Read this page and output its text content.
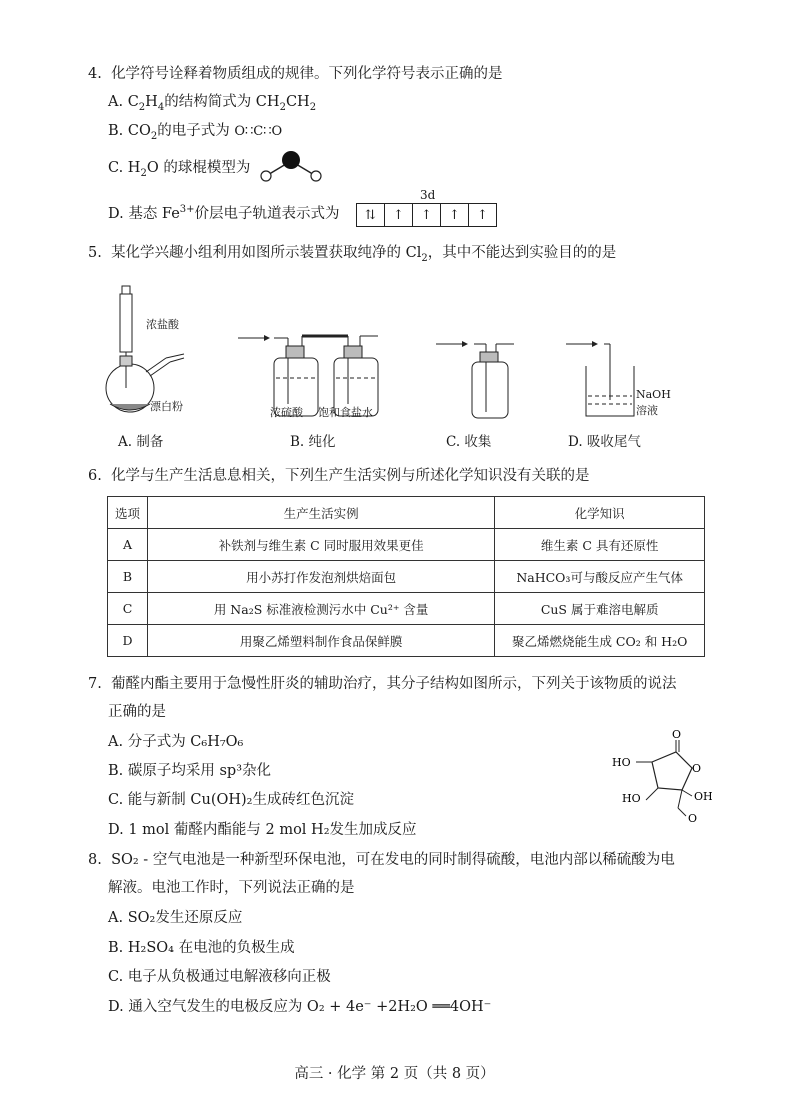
4. 化学符号诠释着物质组成的规律。下列化学符号表示正确的是
A. $C_2H_4$的结构简式为 $CH_2CH_2$
B. $CO_2$的电子式为 O∷C∷O
C. $H_2O$ 的球棍模型为
D. 基态 $Fe^{3+}$价层电子轨道表示式为
3d
⇅	↑	↑	↑	↑
5. 某化学兴趣小组利用如图所示装置获取纯净的 $Cl_2$，其中不能达到实验目的的是
浓盐酸
漂白粉	浓硫酸 饱和食盐水
NaOH
溶液
A. 制备	B. 纯化	C. 收集	D. 吸收尾气
6. 化学与生产生活息息相关，下列生产生活实例与所述化学知识没有关联的是
选项	生产生活实例	化学知识
A	补铁剂与维生素 C 同时服用效果更佳	维生素 C 具有还原性
B	用小苏打作发泡剂烘焙面包	NaHCO₃可与酸反应产生气体
C	用 Na₂S 标准液检测污水中 Cu²⁺ 含量	CuS 属于难溶电解质
D	用聚乙烯塑料制作食品保鲜膜	聚乙烯燃烧能生成 CO₂ 和 H₂O
7. 葡醛内酯主要用于急慢性肝炎的辅助治疗，其分子结构如图所示，下列关于该物质的说法
正确的是
A. 分子式为 C₆H₇O₆
B. 碳原子均采用 sp³杂化
C. 能与新制 Cu(OH)₂生成砖红色沉淀
D. 1 mol 葡醛内酯能与 2 mol H₂发生加成反应
O
O
HO
HO	OH
O
8. SO₂ - 空气电池是一种新型环保电池，可在发电的同时制得硫酸，电池内部以稀硫酸为电
解液。电池工作时，下列说法正确的是
A. SO₂发生还原反应
B. H₂SO₄ 在电池的负极生成
C. 电子从负极通过电解液移向正极
D. 通入空气发生的电极反应为 O₂ + 4e⁻ +2H₂O ══4OH⁻
高三 · 化学 第 2 页（共 8 页）
